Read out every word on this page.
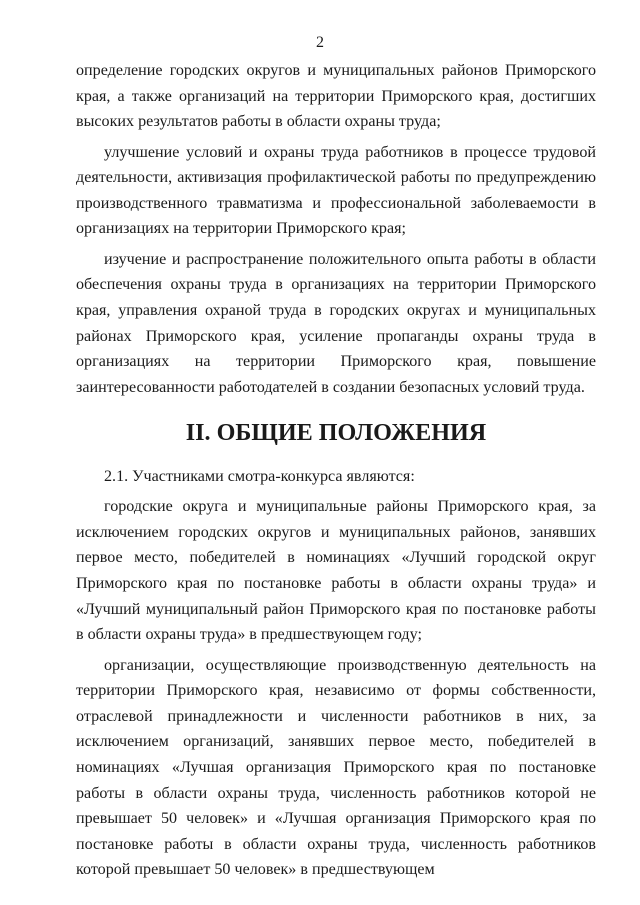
2

определение городских округов и муниципальных районов Приморского края, а также организаций на территории Приморского края, достигших высоких результатов работы в области охраны труда;

улучшение условий и охраны труда работников в процессе трудовой деятельности, активизация профилактической работы по предупреждению производственного травматизма и профессиональной заболеваемости в организациях на территории Приморского края;

изучение и распространение положительного опыта работы в области обеспечения охраны труда в организациях на территории Приморского края, управления охраной труда в городских округах и муниципальных районах Приморского края, усиление пропаганды охраны труда в организациях на территории Приморского края, повышение заинтересованности работодателей в создании безопасных условий труда.

II. ОБЩИЕ ПОЛОЖЕНИЯ

2.1. Участниками смотра-конкурса являются:

городские округа и муниципальные районы Приморского края, за исключением городских округов и муниципальных районов, занявших первое место, победителей в номинациях «Лучший городской округ Приморского края по постановке работы в области охраны труда» и «Лучший муниципальный район Приморского края по постановке работы в области охраны труда» в предшествующем году;

организации, осуществляющие производственную деятельность на территории Приморского края, независимо от формы собственности, отраслевой принадлежности и численности работников в них, за исключением организаций, занявших первое место, победителей в номинациях «Лучшая организация Приморского края по постановке работы в области охраны труда, численность работников которой не превышает 50 человек» и «Лучшая организация Приморского края по постановке работы в области охраны труда, численность работников которой превышает 50 человек» в предшествующем
